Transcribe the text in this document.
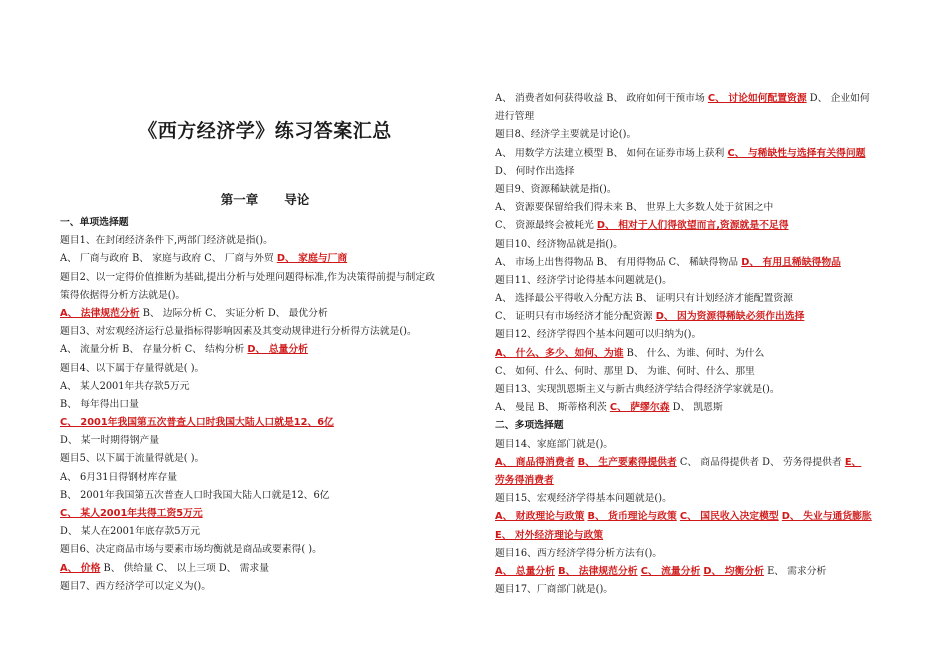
《西方经济学》练习答案汇总
第一章      导论
一、单项选择题
题目1、在封闭经济条件下,两部门经济就是指()。
A、 厂商与政府 B、 家庭与政府 C、 厂商与外贸 D、 家庭与厂商
题目2、以一定得价值推断为基础,提出分析与处理问题得标准,作为决策得前提与制定政
策得依据得分析方法就是()。
A、 法律规范分析 B、 边际分析 C、 实证分析 D、 最优分析
题目3、对宏观经济运行总量指标得影响因素及其变动规律进行分析得方法就是()。
A、 流量分析 B、 存量分析 C、 结构分析 D、 总量分析
题目4、以下属于存量得就是( )。
A、 某人2001年共存款5万元
B、 每年得出口量
C、 2001年我国第五次普查人口时我国大陆人口就是12、6亿
D、 某一时期得钢产量
题目5、以下属于流量得就是( )。
A、 6月31日得钢材库存量
B、 2001年我国第五次普查人口时我国大陆人口就是12、6亿
C、 某人2001年共得工资5万元
D、 某人在2001年底存款5万元
题目6、决定商品市场与要素市场均衡就是商品或要素得( )。
A、 价格 B、 供给量 C、 以上三项 D、 需求量
题目7、西方经济学可以定义为()。
A、 消费者如何获得收益 B、 政府如何干预市场 C、 讨论如何配置资源 D、 企业如何
进行管理
题目8、经济学主要就是讨论()。
A、 用数学方法建立模型 B、 如何在证券市场上获利 C、 与稀缺性与选择有关得问题
D、 何时作出选择
题目9、资源稀缺就是指()。
A、 资源要保留给我们得未来 B、 世界上大多数人处于贫困之中
C、 资源最终会被耗光 D、 相对于人们得欲望而言,资源就是不足得
题目10、经济物品就是指()。
A、 市场上出售得物品 B、 有用得物品 C、 稀缺得物品 D、 有用且稀缺得物品
题目11、经济学讨论得基本问题就是()。
A、 选择最公平得收入分配方法 B、 证明只有计划经济才能配置资源
C、 证明只有市场经济才能分配资源 D、 因为资源得稀缺必须作出选择
题目12、经济学得四个基本问题可以归纳为()。
A、 什么、多少、如何、为谁 B、 什么、为谁、何时、为什么
C、 如何、什么、何时、那里 D、 为谁、何时、什么、那里
题目13、实现凯恩斯主义与新古典经济学结合得经济学家就是()。
A、 曼昆 B、 斯蒂格利茨 C、 萨缪尔森 D、 凯恩斯
二、多项选择题
题目14、家庭部门就是()。
A、 商品得消费者 B、 生产要素得提供者 C、 商品得提供者 D、 劳务得提供者 E、
劳务得消费者
题目15、宏观经济学得基本问题就是()。
A、 财政理论与政策 B、 货币理论与政策 C、 国民收入决定模型 D、 失业与通货膨胀
E、 对外经济理论与政策
题目16、西方经济学得分析方法有()。
A、 总量分析 B、 法律规范分析 C、 流量分析 D、 均衡分析 E、 需求分析
题目17、厂商部门就是()。
